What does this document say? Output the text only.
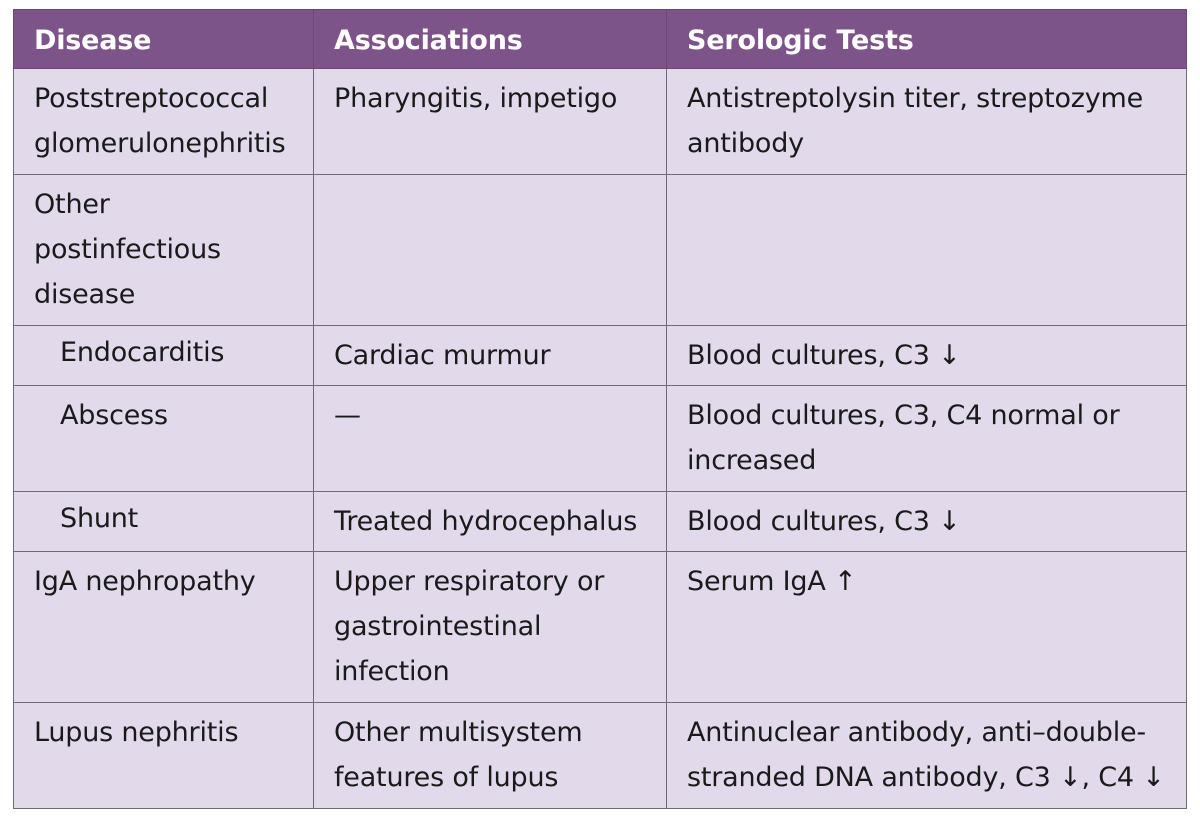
Disease	Associations	Serologic Tests
Poststreptococcal glomerulonephritis	Pharyngitis, impetigo	Antistreptolysin titer, streptozyme antibody

Other postinfectious disease		

Endocarditis	Cardiac murmur	Blood cultures, C3 ↓
Abscess	—	Blood cultures, C3, C4 normal or increased
Shunt	Treated hydrocephalus	Blood cultures, C3 ↓
IgA nephropathy	Upper respiratory or gastrointestinal infection	Serum IgA ↑
Lupus nephritis	Other multisystem features of lupus	Antinuclear antibody, anti–double-stranded DNA antibody, C3 ↓, C4 ↓
